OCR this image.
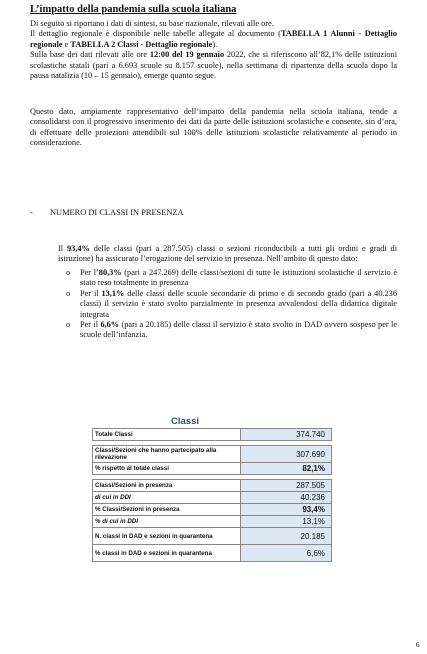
L’impatto della pandemia sulla scuola italiana

Di seguito si riportano i dati di sintesi, su base nazionale, rilevati alle ore.
Il dettaglio regionale è disponibile nelle tabelle allegate al documento (TABELLA 1 Alunni - Dettaglio regionale e TABELLA 2 Classi - Dettaglio regionale).
Sulla base dei dati rilevati alle ore 12:00 del 19 gennaio 2022, che si riferiscono all’82,1% delle istituzioni scolastiche statali (pari a 6.693 scuole su 8.157 scuole), nella settimana di ripartenza della scuola dopo la pausa natalizia (10 – 15 gennaio), emerge quanto segue.

Questo dato, ampiamente rappresentativo dell’impatto della pandemia nella scuola italiana, tende a consolidarsi con il progressivo inserimento dei dati da parte delle istituzioni scolastiche e consente, sin d’ora, di effettuare delle proiezioni attendibili sul 100% delle istituzioni scolastiche relativamente al periodo in considerazione.

- NUMERO DI CLASSI IN PRESENZA

Il 93,4% delle classi (pari a 287.505) classi o sezioni riconducibili a tutti gli ordini e gradi di istruzione) ha assicurato l’erogazione del servizio in presenza. Nell’ambito di questo dato:

o Per l’80,3% (pari a 247.269) delle classi/sezioni di tutte le istituzioni scolastiche il servizio è stato reso totalmente in presenza
o Per il 13,1% delle classi delle scuole secondarie di primo e di secondo grado (pari a 40.236 classi) il servizio è stato svolto parzialmente in presenza avvalendosi della didattica digitale integrata
o Per il 6,6% (pari a 20.185) delle classi il servizio è stato svolto in DAD ovvero sospeso per le scuole dell’infanzia.
Classi
Totale Classi	374.740

Classi/Sezioni che hanno partecipato alla rilevazione	307.690
% rispetto al totale classi	82,1%

Classi/Sezioni in presenza	287.505
di cui in DDI	40.236
% Classi/Sezioni in presenza	93,4%
% di cui in DDI	13,1%
N. classi in DAD e sezioni in quarantena	20.185
% classi in DAD e sezioni in quarantena	6,6%
6
